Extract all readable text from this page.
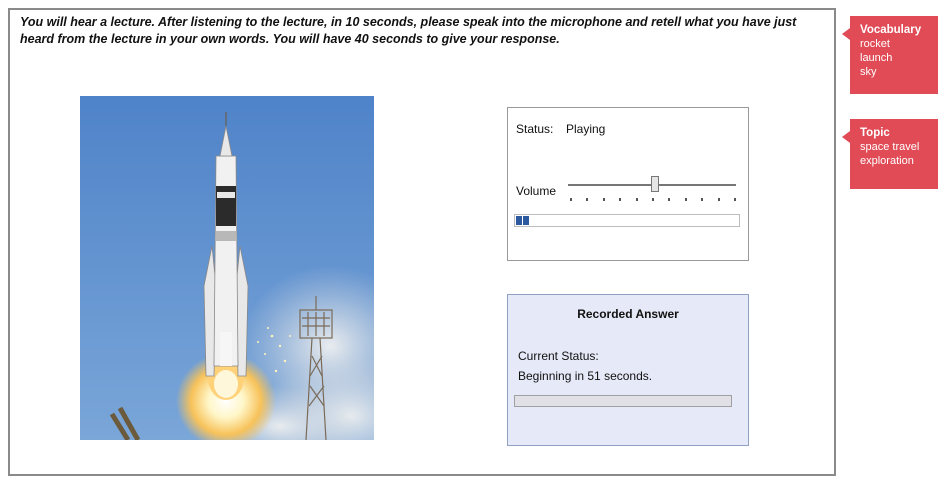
You will hear a lecture. After listening to the lecture, in 10 seconds, please speak into the microphone and retell what you have just heard from the lecture in your own words. You will have 40 seconds to give your response.
Status: Playing
Volume
Recorded Answer
Current Status:
Beginning in 51 seconds.
Vocabulary
rocket
launch
sky
Topic
space travel
exploration
